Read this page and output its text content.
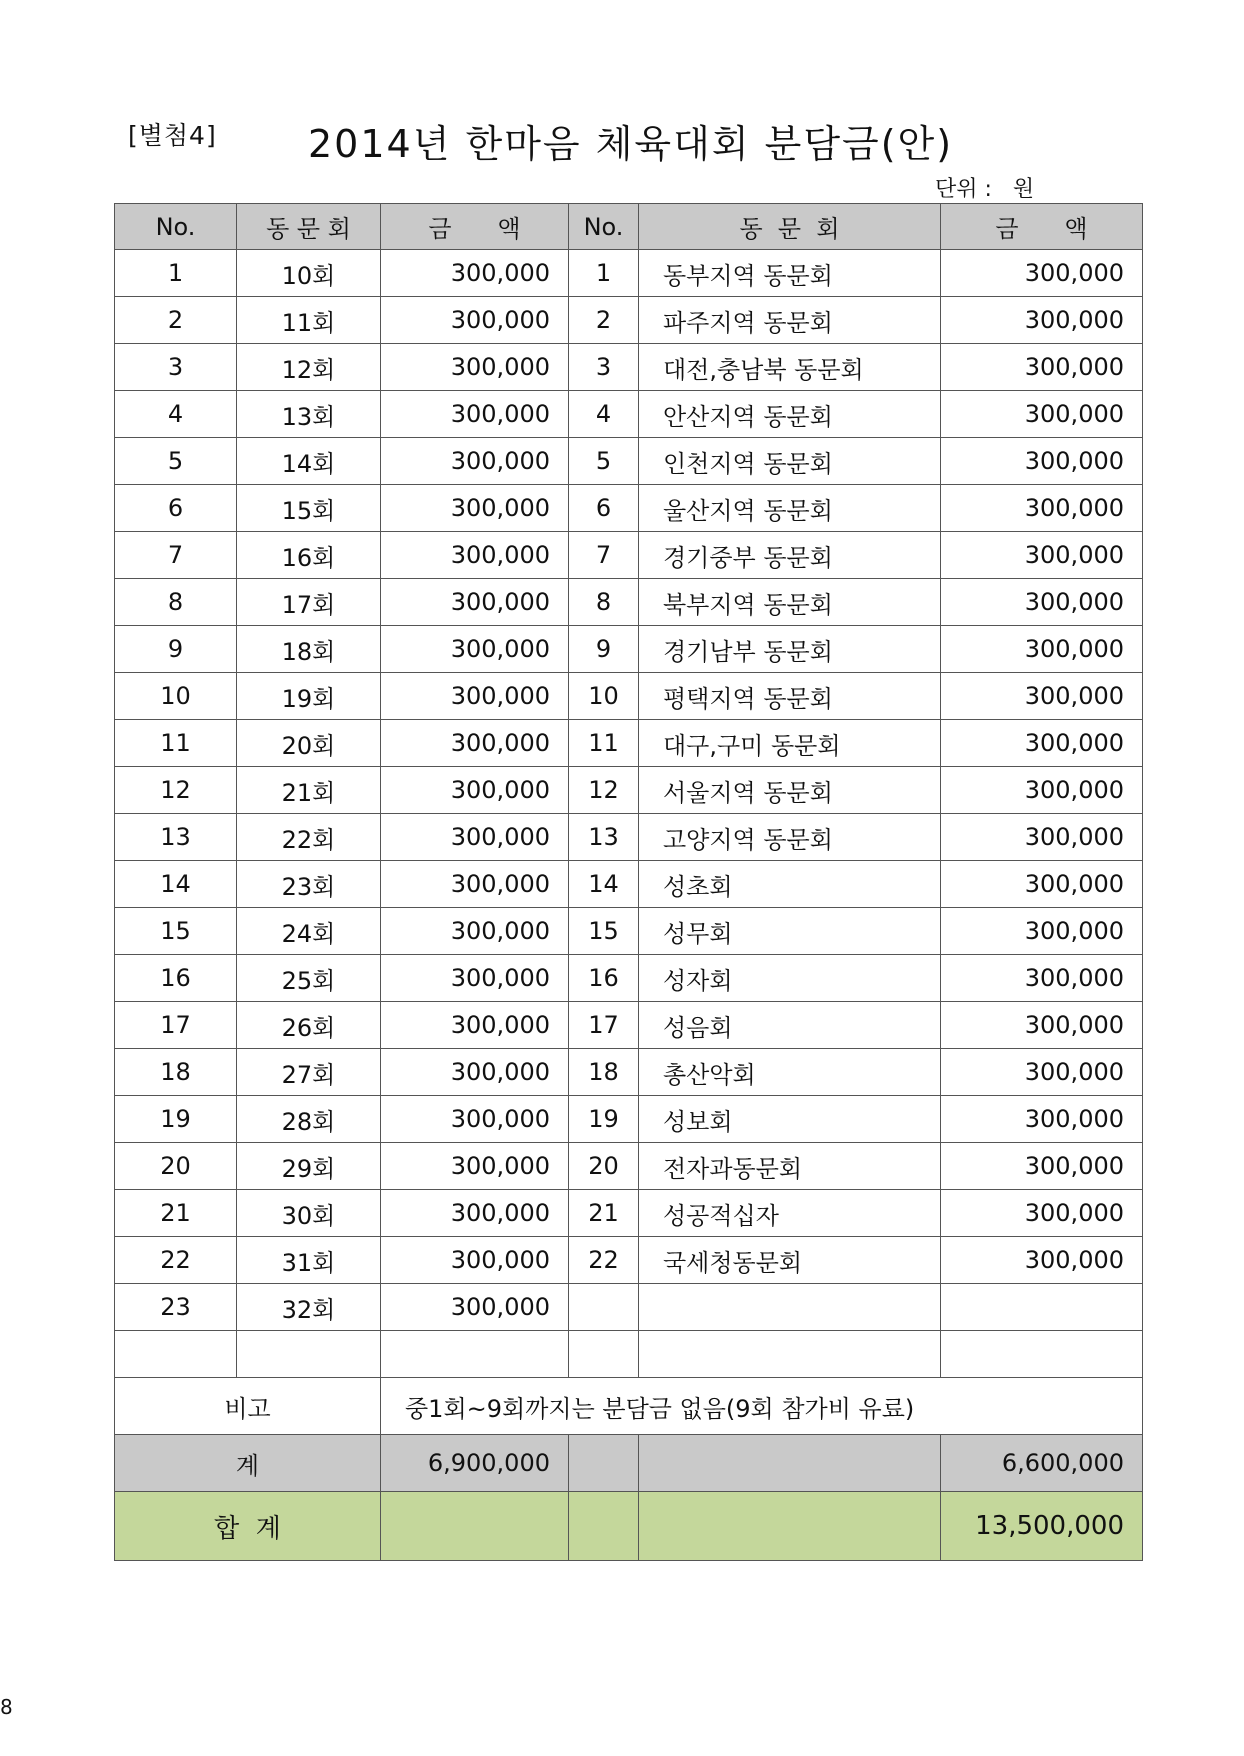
[별첨4] 2014년 한마음 체육대회 분담금(안)
단위 :   원
No.	동 문 회	금      액	No.	동  문  회	금      액
1	10회	300,000	1	동부지역 동문회	300,000
2	11회	300,000	2	파주지역 동문회	300,000
3	12회	300,000	3	대전,충남북 동문회	300,000
4	13회	300,000	4	안산지역 동문회	300,000
5	14회	300,000	5	인천지역 동문회	300,000
6	15회	300,000	6	울산지역 동문회	300,000
7	16회	300,000	7	경기중부 동문회	300,000
8	17회	300,000	8	북부지역 동문회	300,000
9	18회	300,000	9	경기남부 동문회	300,000
10	19회	300,000	10	평택지역 동문회	300,000
11	20회	300,000	11	대구,구미 동문회	300,000
12	21회	300,000	12	서울지역 동문회	300,000
13	22회	300,000	13	고양지역 동문회	300,000
14	23회	300,000	14	성초회	300,000
15	24회	300,000	15	성무회	300,000
16	25회	300,000	16	성자회	300,000
17	26회	300,000	17	성음회	300,000
18	27회	300,000	18	총산악회	300,000
19	28회	300,000	19	성보회	300,000
20	29회	300,000	20	전자과동문회	300,000
21	30회	300,000	21	성공적십자	300,000
22	31회	300,000	22	국세청동문회	300,000
23	32회	300,000			

비고		중1회~9회까지는 분담금 없음(9회 참가비 유료)			
계		6,900,000			6,600,000
합  계					13,500,000
8
